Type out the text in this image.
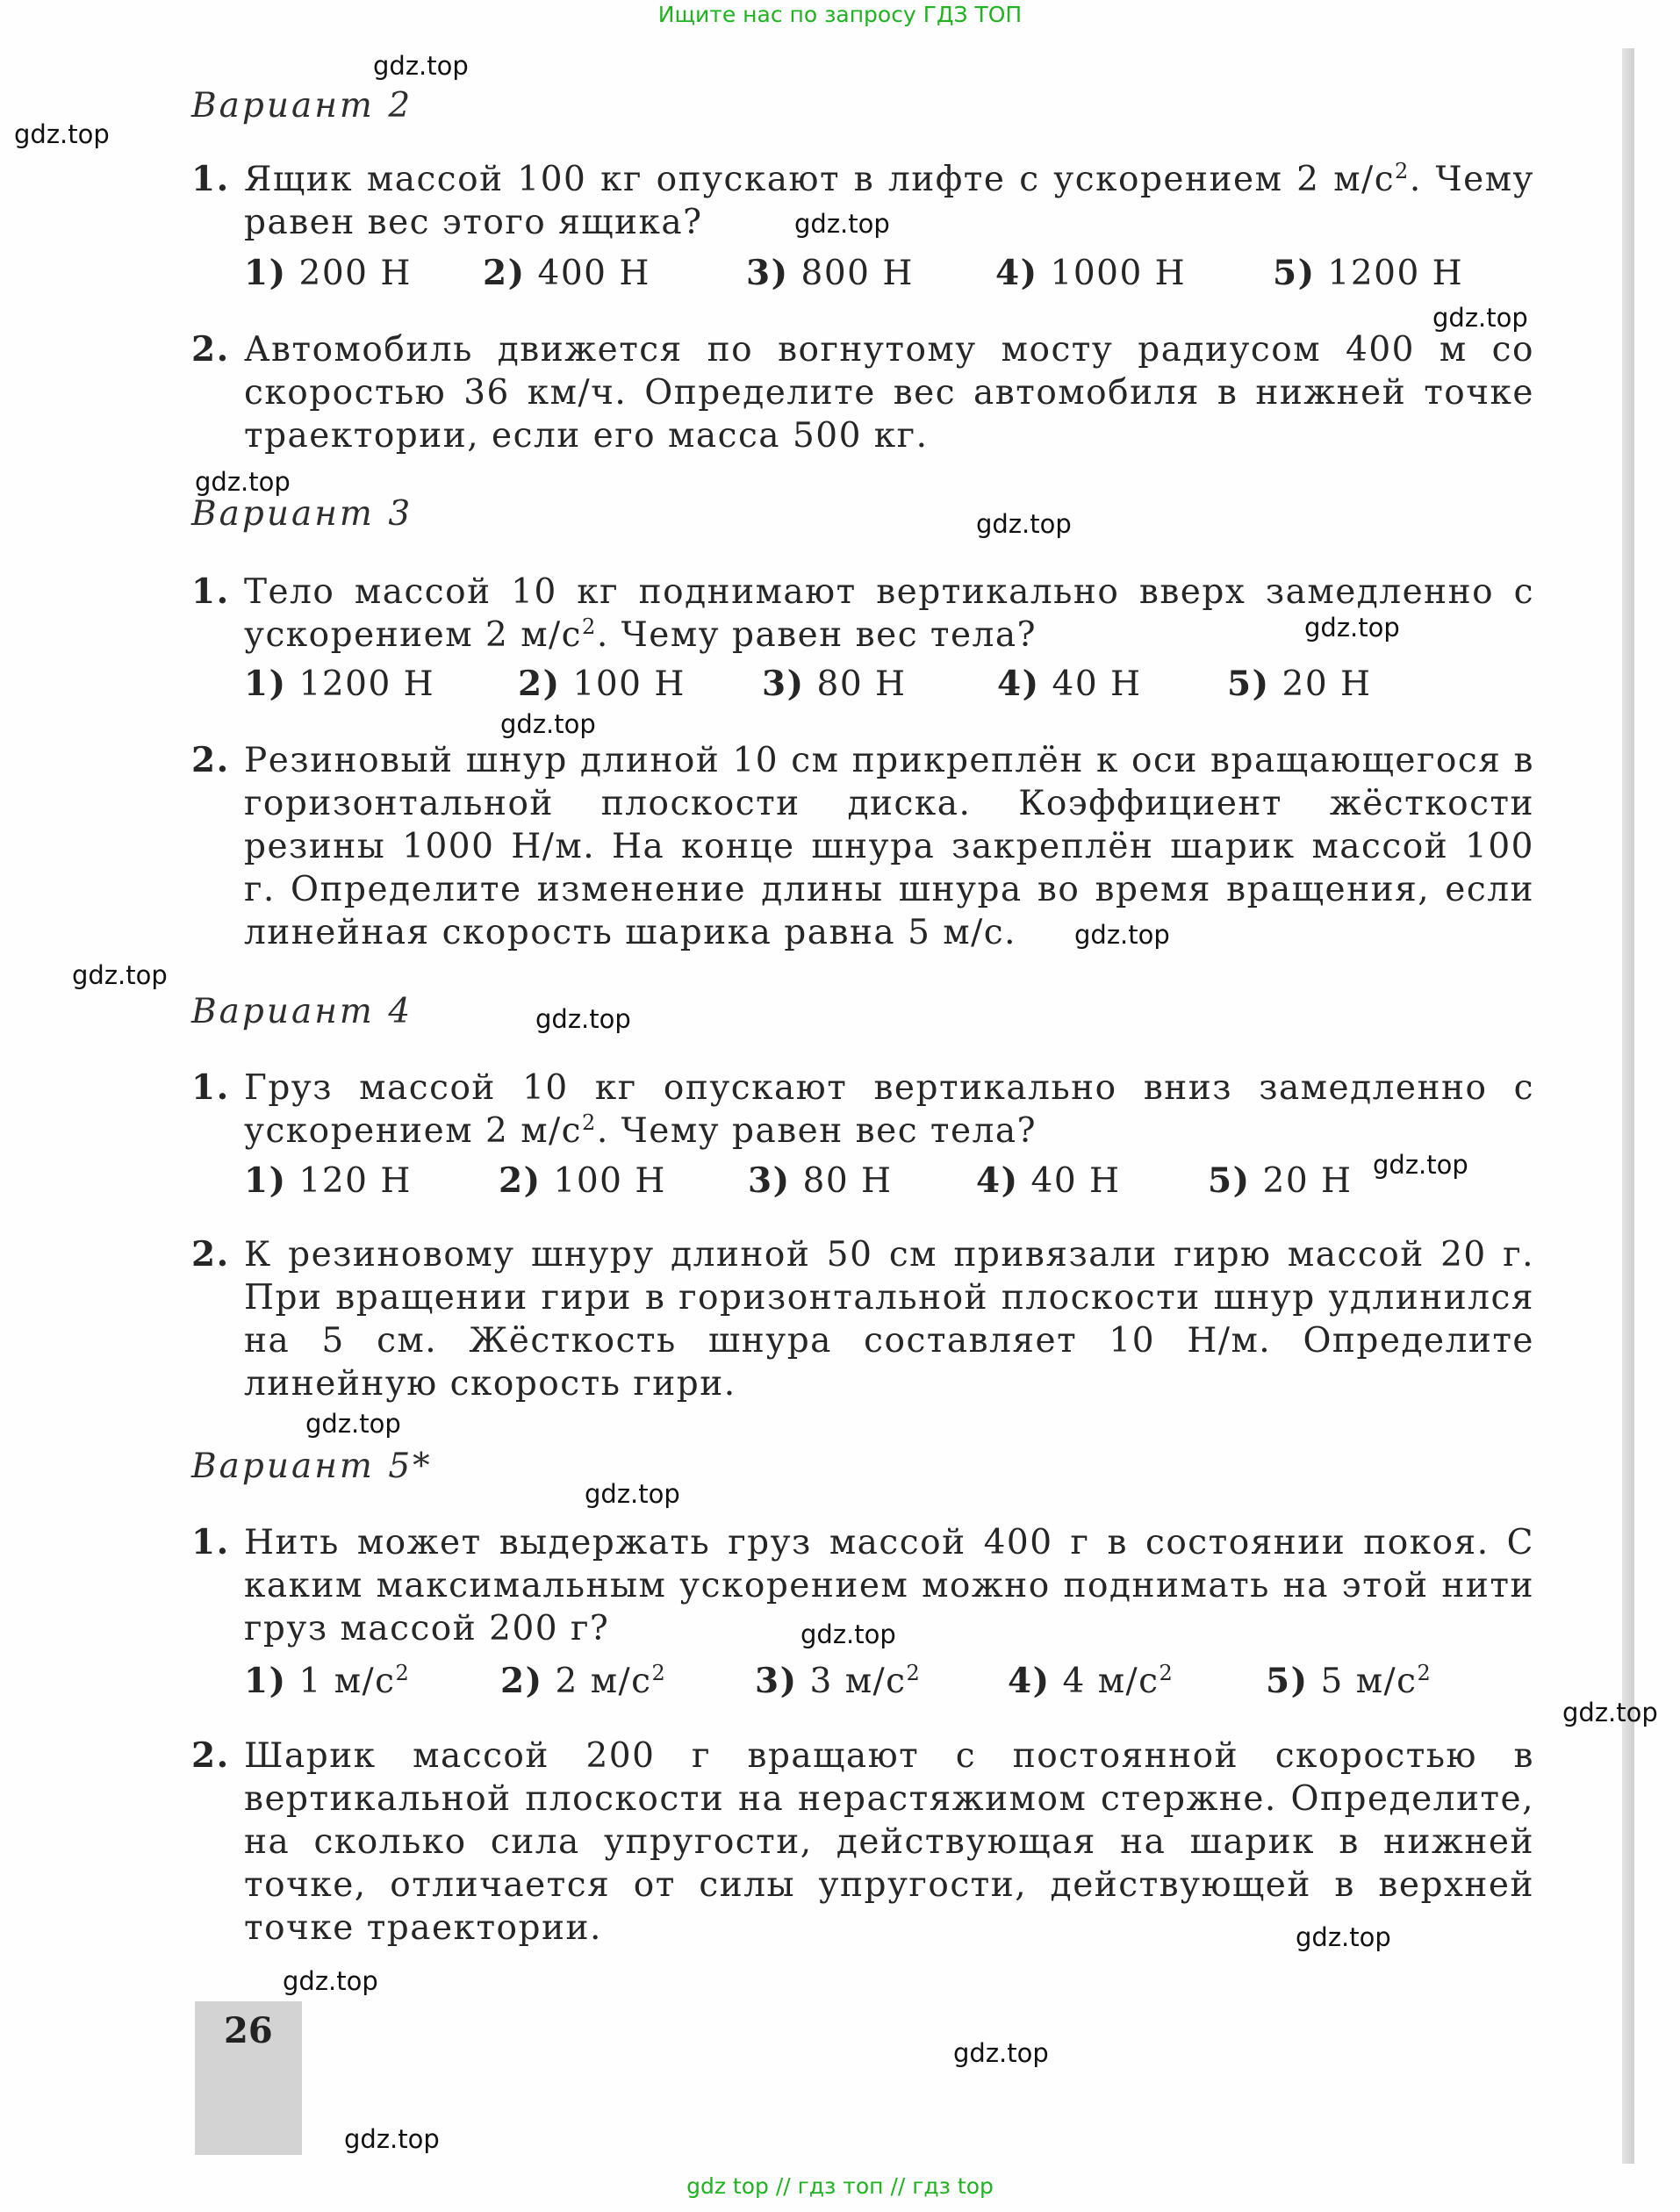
Ищите нас по запросу ГДЗ ТОП
Вариант 2
1. Ящик массой 100 кг опускают в лифте с ускорением 2 $м/с^2$. Чему равен вес этого ящика?
1) 200 Н 2) 400 Н	3) 800 Н 4) 1000 Н	5) 1200 Н
2. Автомобиль движется по вогнутому мосту радиусом 400 м со скоростью 36 км/ч. Определите вес автомобиля в нижней точке траектории, если его масса 500 кг.
Вариант 3
1. Тело массой 10 кг поднимают вертикально вверх замедленно с ускорением 2 $м/с^2$. Чему равен вес тела?
1) 1200 Н 2) 100 Н 3) 80 Н	4) 40 Н 5) 20 Н
2. Резиновый шнур длиной 10 см прикреплён к оси вращающегося в горизонтальной плоскости диска. Коэффициент жёсткости резины 1000 Н/м. На конце шнура закреплён шарик массой 100 г. Определите изменение длины шнура во время вращения, если линейная скорость шарика равна 5 м/с.
Вариант 4
1. Груз массой 10 кг опускают вертикально вниз замедленно с ускорением 2 $м/с^2$. Чему равен вес тела?
1) 120 Н	2) 100 Н 3) 80 Н 4) 40 Н	5) 20 Н
2. К резиновому шнуру длиной 50 см привязали гирю массой 20 г. При вращении гири в горизонтальной плоскости шнур удлинился на 5 см. Жёсткость шнура составляет 10 Н/м. Определите линейную скорость гири.
Вариант 5*
1. Нить может выдержать груз массой 400 г в состоянии покоя. С каким максимальным ускорением можно поднимать на этой нити груз массой 200 г?
1) 1 $м/с^2$	2) 2 $м/с^2$	3) 3 $м/с^2$	4) 4 $м/с^2$	5) 5 $м/с^2$
2. Шарик массой 200 г вращают с постоянной скоростью в вертикальной плоскости на нерастяжимом стержне. Определите, на сколько сила упругости, действующая на шарик в нижней точке, отличается от силы упругости, действующей в верхней точке траектории.
26
gdz.top
gdz.top
gdz.top
gdz.top
gdz.top
gdz.top
gdz.top
gdz.top
gdz.top
gdz.top
gdz.top
gdz.top
gdz.top
gdz.top
gdz.top
gdz.top
gdz.top
gdz.top
gdz.top
gdz.top
gdz top // гдз топ // гдз top
